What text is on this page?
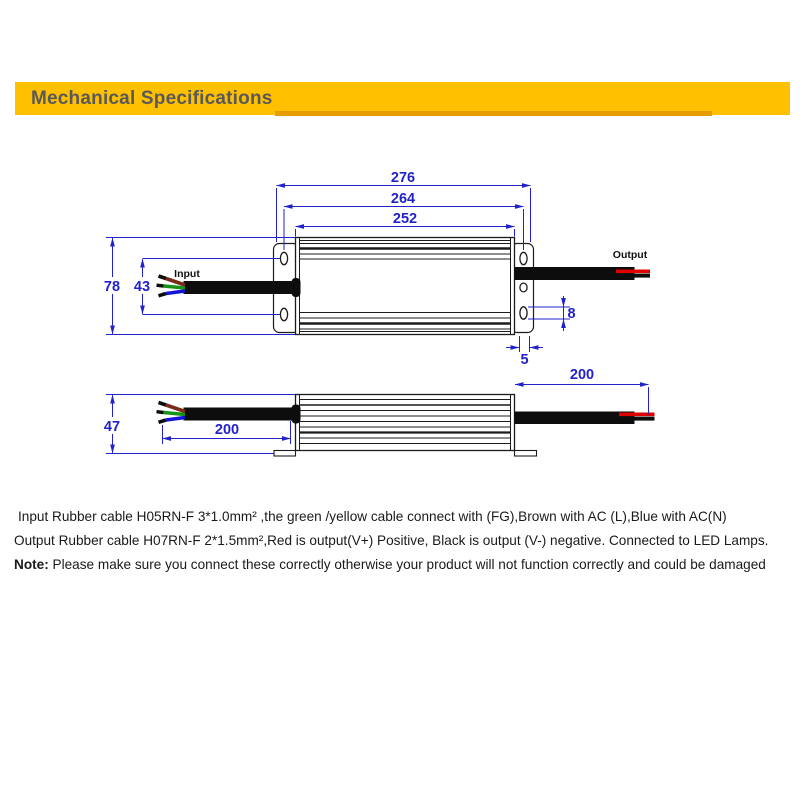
Mechanical Specifications
Input
Output
276
264
252
78 43
8
5
47	200
200

Input Rubber cable H05RN-F 3*1.0mm² ,the green /yellow cable connect with (FG),Brown with AC (L),Blue with AC(N)

Output Rubber cable H07RN-F 2*1.5mm²,Red is output(V+) Positive, Black is output (V-) negative. Connected to LED Lamps.

Note: Please make sure you connect these correctly otherwise your product will not function correctly and could be damaged
